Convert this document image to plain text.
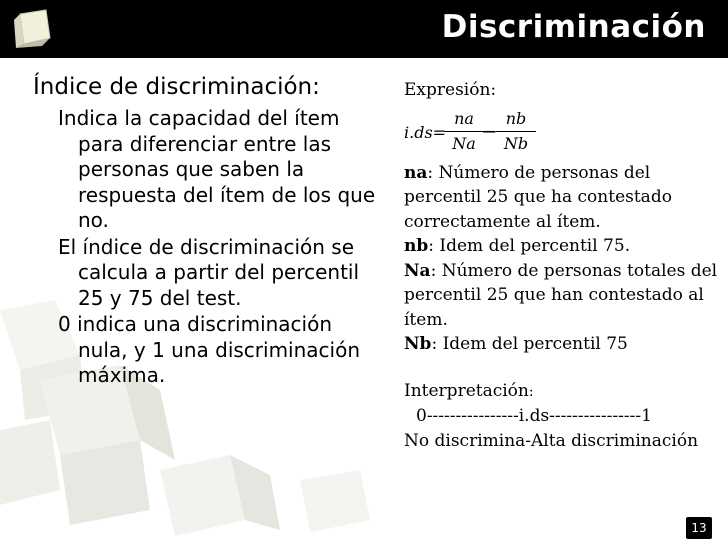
Discriminación
Índice de discriminación:
Indica la capacidad del ítem para diferenciar entre las personas que saben la respuesta del ítem de los que no.
El índice de discriminación se calcula a partir del percentil 25 y 75 del test.
0 indica una discriminación nula, y 1 una discriminación máxima.

Expresión:

i.ds=
na
Na
−
nb
Nb

na: Número de personas del percentil 25 que ha contestado correctamente al ítem.

nb: Idem del percentil 75.

Na: Número de personas totales del percentil 25 que han contestado al ítem.

Nb: Idem del percentil 75

Interpretación:

0----------------i.ds----------------1

No discrimina-Alta discriminación

13
